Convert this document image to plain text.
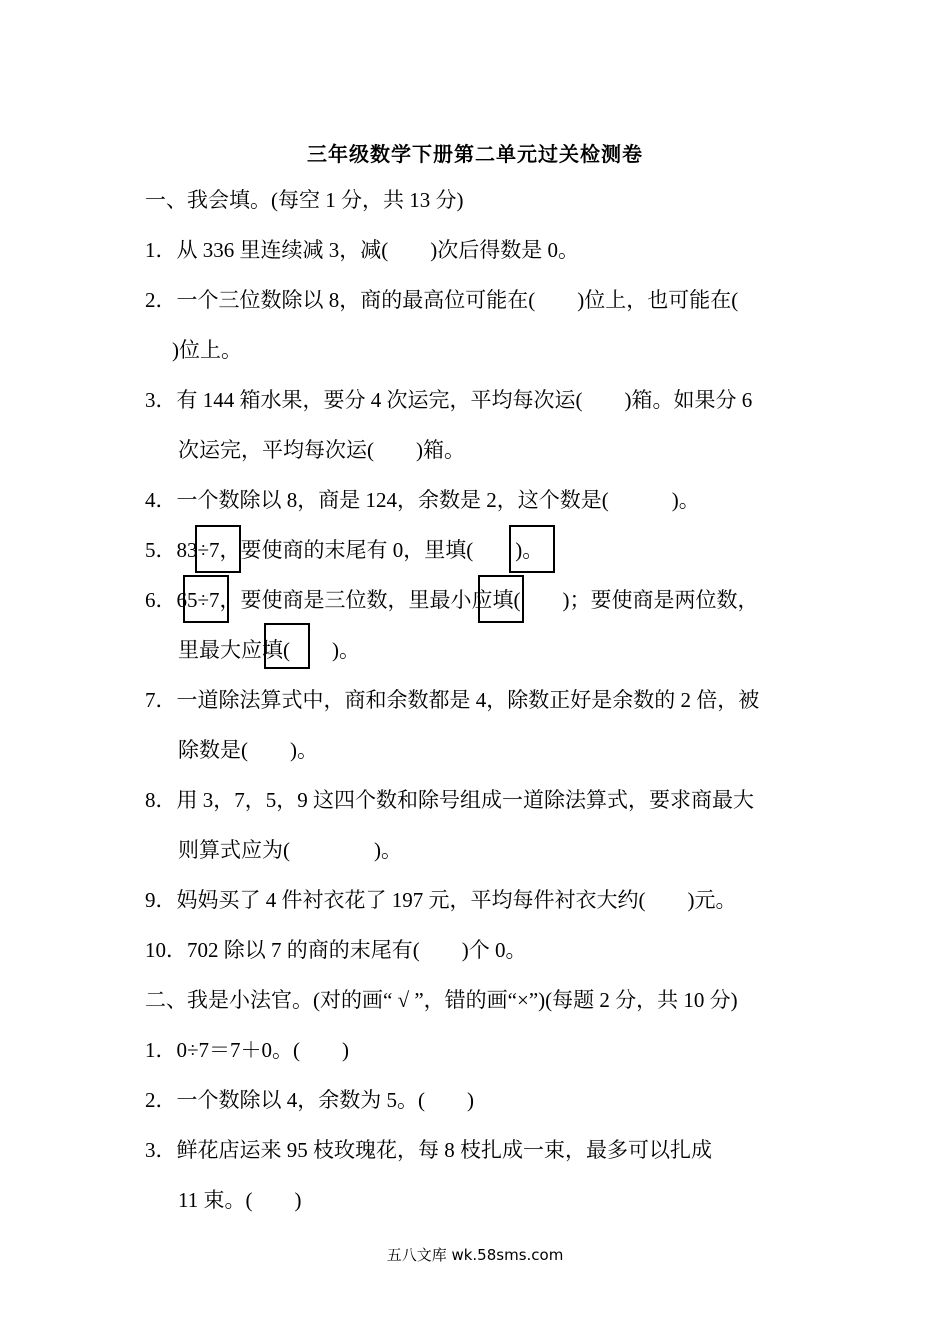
三年级数学下册第二单元过关检测卷
一、我会填。(每空 1 分，共 13 分)
1．从 336 里连续减 3，减(　　)次后得数是 0。
2．一个三位数除以 8，商的最高位可能在(　　)位上，也可能在(
)位上。
3．有 144 箱水果，要分 4 次运完，平均每次运(　　)箱。如果分 6
次运完，平均每次运(　　)箱。
4．一个数除以 8，商是 124，余数是 2，这个数是(　　　)。
5．83÷7，要使商的末尾有 0，里填(　　)。
6．65÷7，要使商是三位数，里最小应填(　　)；要使商是两位数，
里最大应填(　　)。
7．一道除法算式中，商和余数都是 4，除数正好是余数的 2 倍，被
除数是(　　)。
8．用 3，7，5，9 这四个数和除号组成一道除法算式，要求商最大
则算式应为(　　　　)。
9．妈妈买了 4 件衬衣花了 197 元，平均每件衬衣大约(　　)元。
10．702 除以 7 的商的末尾有(　　)个 0。
二、我是小法官。(对的画“ √ ”，错的画“×”)(每题 2 分，共 10 分)
1．0÷7＝7＋0。(　　)
2．一个数除以 4，余数为 5。(　　)
3．鲜花店运来 95 枝玫瑰花，每 8 枝扎成一束，最多可以扎成
11 束。(　　)
五八文库 wk.58sms.com
